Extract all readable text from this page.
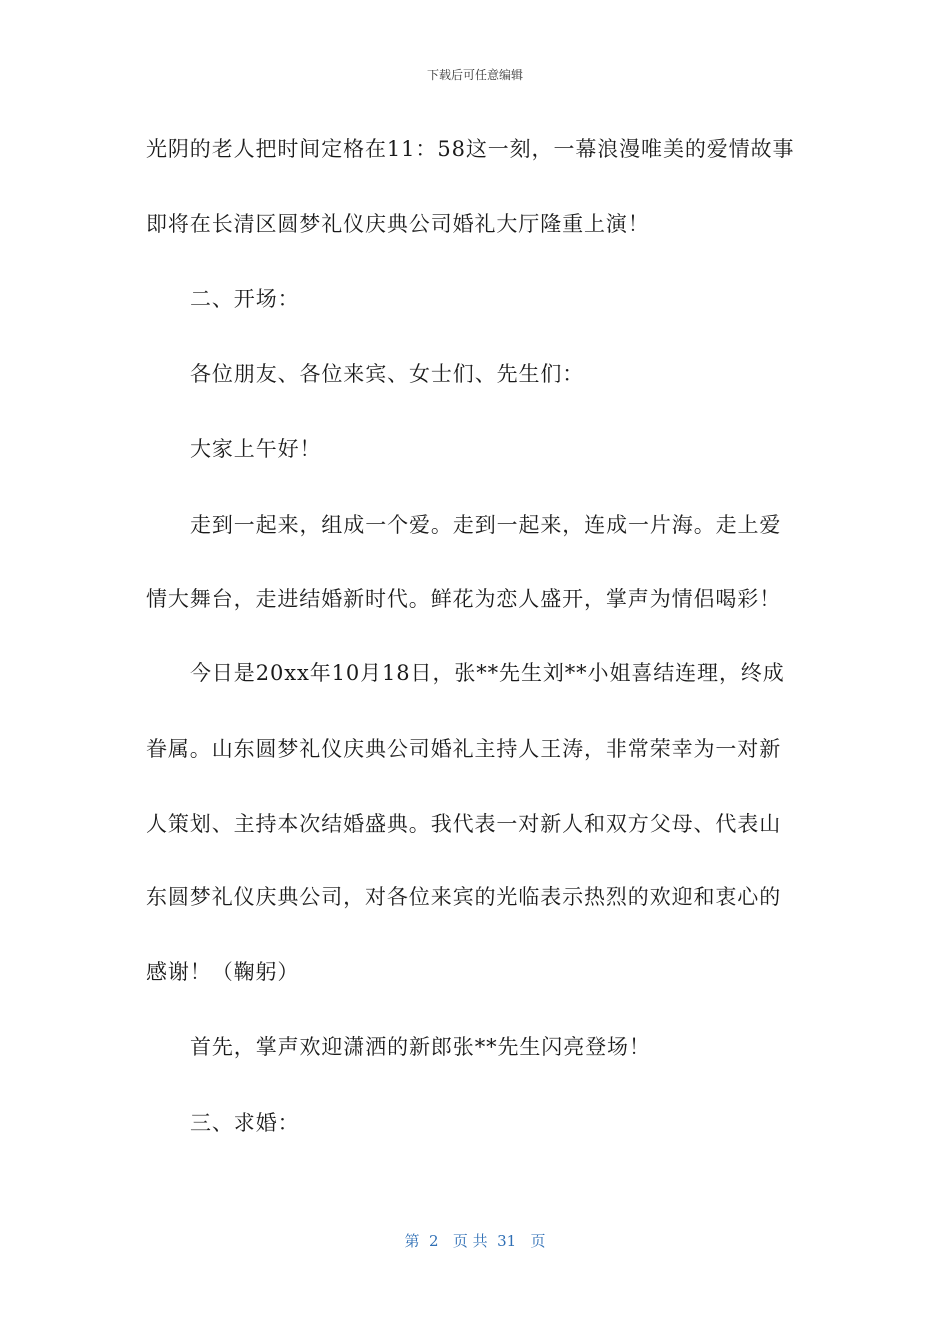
下载后可任意编辑
光阴的老人把时间定格在11：58这一刻，一幕浪漫唯美的爱情故事
即将在长清区圆梦礼仪庆典公司婚礼大厅隆重上演！
二、开场：
各位朋友、各位来宾、女士们、先生们：
大家上午好！
走到一起来，组成一个爱。走到一起来，连成一片海。走上爱
情大舞台，走进结婚新时代。鲜花为恋人盛开，掌声为情侣喝彩！
今日是20xx年10月18日，张**先生刘**小姐喜结连理，终成
眷属。山东圆梦礼仪庆典公司婚礼主持人王涛，非常荣幸为一对新
人策划、主持本次结婚盛典。我代表一对新人和双方父母、代表山
东圆梦礼仪庆典公司，对各位来宾的光临表示热烈的欢迎和衷心的
感谢！（鞠躬）
首先，掌声欢迎潇洒的新郎张**先生闪亮登场！
三、求婚：
第  2   页 共  31   页
